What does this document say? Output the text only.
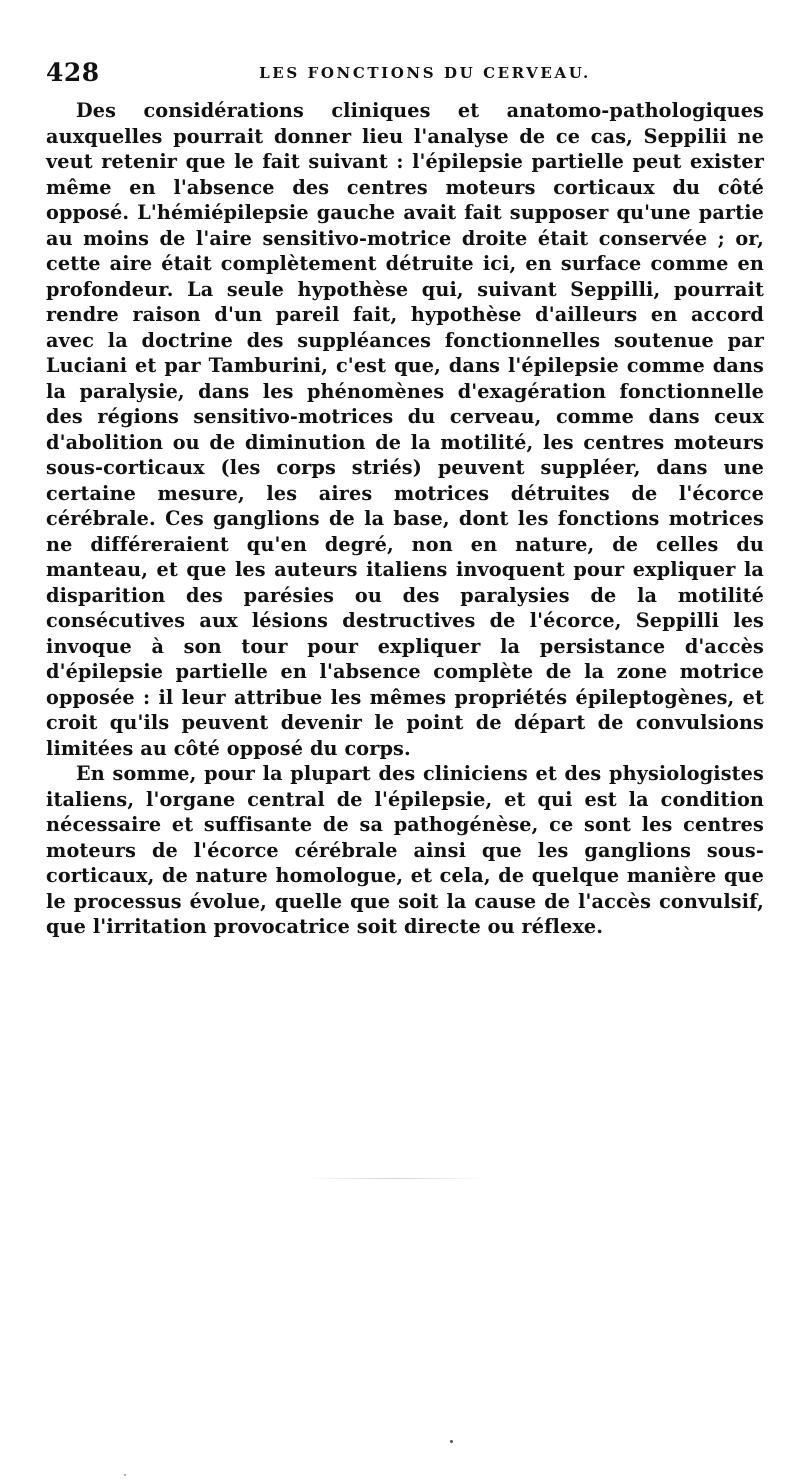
428	LES FONCTIONS DU CERVEAU.

Des considérations cliniques et anatomo-pathologiques auxquelles pourrait donner lieu l'analyse de ce cas, Seppilii ne veut retenir que le fait suivant : l'épilepsie partielle peut exister même en l'absence des centres moteurs corticaux du côté opposé. L'hémiépilepsie gauche avait fait supposer qu'une partie au moins de l'aire sensitivo-motrice droite était conservée ; or, cette aire était complètement détruite ici, en surface comme en profondeur. La seule hypothèse qui, suivant Seppilli, pourrait rendre raison d'un pareil fait, hypothèse d'ailleurs en accord avec la doctrine des suppléances fonctionnelles soutenue par Luciani et par Tamburini, c'est que, dans l'épilepsie comme dans la paralysie, dans les phénomènes d'exagération fonctionnelle des régions sensitivo-motrices du cerveau, comme dans ceux d'abolition ou de diminution de la motilité, les centres moteurs sous-corticaux (les corps striés) peuvent suppléer, dans une certaine mesure, les aires motrices détruites de l'écorce cérébrale. Ces ganglions de la base, dont les fonctions motrices ne différeraient qu'en degré, non en nature, de celles du manteau, et que les auteurs italiens invoquent pour expliquer la disparition des parésies ou des paralysies de la motilité consécutives aux lésions destructives de l'écorce, Seppilli les invoque à son tour pour expliquer la persistance d'accès d'épilepsie partielle en l'absence complète de la zone motrice opposée : il leur attribue les mêmes propriétés épileptogènes, et croit qu'ils peuvent devenir le point de départ de convulsions limitées au côté opposé du corps.

En somme, pour la plupart des cliniciens et des physiologistes italiens, l'organe central de l'épilepsie, et qui est la condition nécessaire et suffisante de sa pathogénèse, ce sont les centres moteurs de l'écorce cérébrale ainsi que les ganglions sous-corticaux, de nature homologue, et cela, de quelque manière que le processus évolue, quelle que soit la cause de l'accès convulsif, que l'irritation provocatrice soit directe ou réflexe.
